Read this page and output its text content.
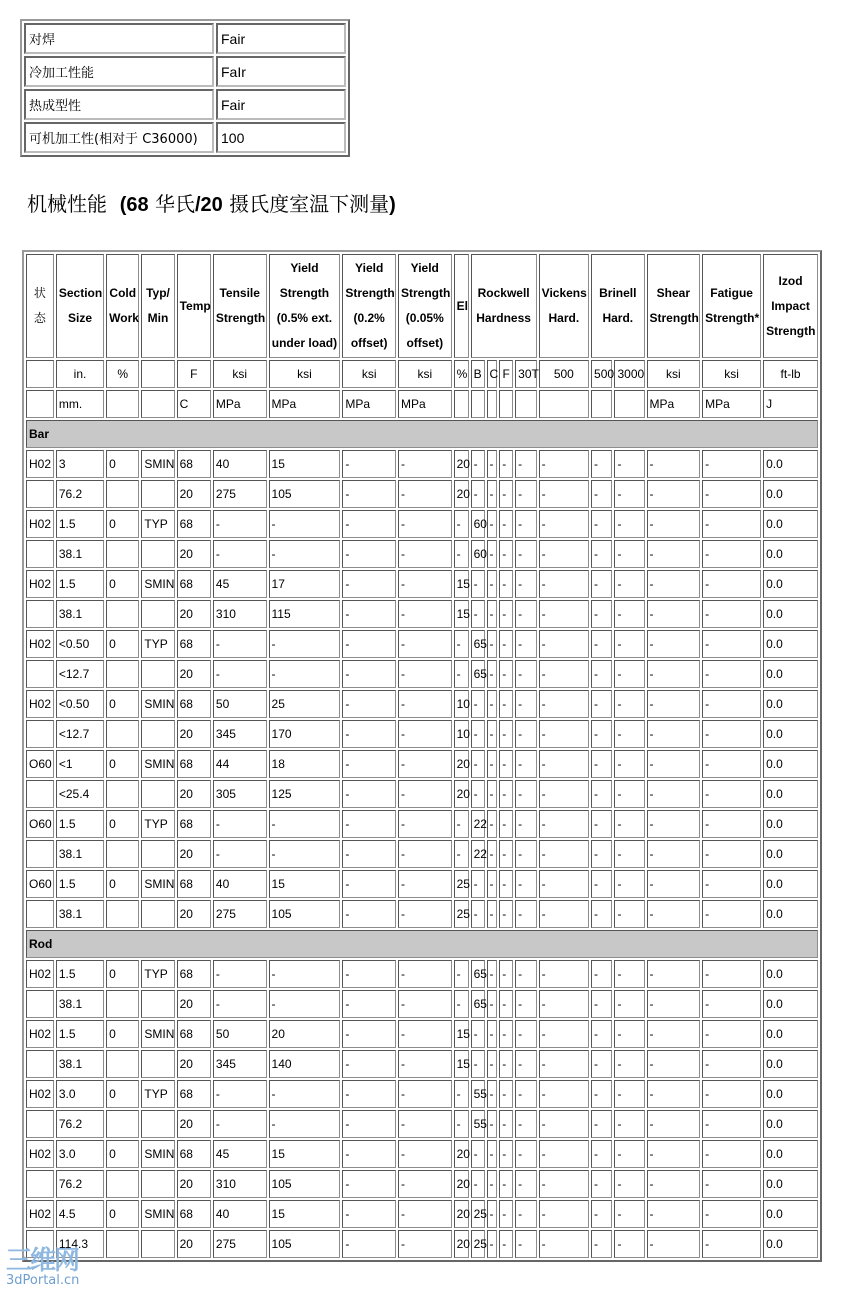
对焊	Fair
冷加工性能	FaIr
热成型性	Fair
可机加工性(相对于 C36000)	100
机械性能 (68 华氏/20 摄氏度室温下测量)
状态	Section Size	Cold Work	Typ/ Min	Temp	Tensile Strength	Yield Strength (0.5% ext. under load)	Yield Strength (0.2% offset)	Yield Strength (0.05% offset)	El	Rockwell Hardness				Vickens Hard.	Brinell Hard.		Shear Strength	Fatigue Strength*	Izod Impact Strength
	in.	%		F	ksi	ksi	ksi	ksi	%	B	C	F	30T	500	500	3000	ksi	ksi	ft-lb
	mm.			C	MPa	MPa	MPa	MPa									MPa	MPa	J
Bar																			
H02	3	0	SMIN	68	40	15	-	-	20	-	-	-	-	-	-	-	-	-	0.0
	76.2			20	275	105	-	-	20	-	-	-	-	-	-	-	-	-	0.0
H02	1.5	0	TYP	68	-	-	-	-	-	60	-	-	-	-	-	-	-	-	0.0
	38.1			20	-	-	-	-	-	60	-	-	-	-	-	-	-	-	0.0
H02	1.5	0	SMIN	68	45	17	-	-	15	-	-	-	-	-	-	-	-	-	0.0
	38.1			20	310	115	-	-	15	-	-	-	-	-	-	-	-	-	0.0
H02	<0.50	0	TYP	68	-	-	-	-	-	65	-	-	-	-	-	-	-	-	0.0
	<12.7			20	-	-	-	-	-	65	-	-	-	-	-	-	-	-	0.0
H02	<0.50	0	SMIN	68	50	25	-	-	10	-	-	-	-	-	-	-	-	-	0.0
	<12.7			20	345	170	-	-	10	-	-	-	-	-	-	-	-	-	0.0
O60	<1	0	SMIN	68	44	18	-	-	20	-	-	-	-	-	-	-	-	-	0.0
	<25.4			20	305	125	-	-	20	-	-	-	-	-	-	-	-	-	0.0
O60	1.5	0	TYP	68	-	-	-	-	-	22	-	-	-	-	-	-	-	-	0.0
	38.1			20	-	-	-	-	-	22	-	-	-	-	-	-	-	-	0.0
O60	1.5	0	SMIN	68	40	15	-	-	25	-	-	-	-	-	-	-	-	-	0.0
	38.1			20	275	105	-	-	25	-	-	-	-	-	-	-	-	-	0.0
Rod																			
H02	1.5	0	TYP	68	-	-	-	-	-	65	-	-	-	-	-	-	-	-	0.0
	38.1			20	-	-	-	-	-	65	-	-	-	-	-	-	-	-	0.0
H02	1.5	0	SMIN	68	50	20	-	-	15	-	-	-	-	-	-	-	-	-	0.0
	38.1			20	345	140	-	-	15	-	-	-	-	-	-	-	-	-	0.0
H02	3.0	0	TYP	68	-	-	-	-	-	55	-	-	-	-	-	-	-	-	0.0
	76.2			20	-	-	-	-	-	55	-	-	-	-	-	-	-	-	0.0
H02	3.0	0	SMIN	68	45	15	-	-	20	-	-	-	-	-	-	-	-	-	0.0
	76.2			20	310	105	-	-	20	-	-	-	-	-	-	-	-	-	0.0
H02	4.5	0	SMIN	68	40	15	-	-	20	25	-	-	-	-	-	-	-	-	0.0
	114.3			20	275	105	-	-	20	25	-	-	-	-	-	-	-	-	0.0
三维网
3dPortal.cn
